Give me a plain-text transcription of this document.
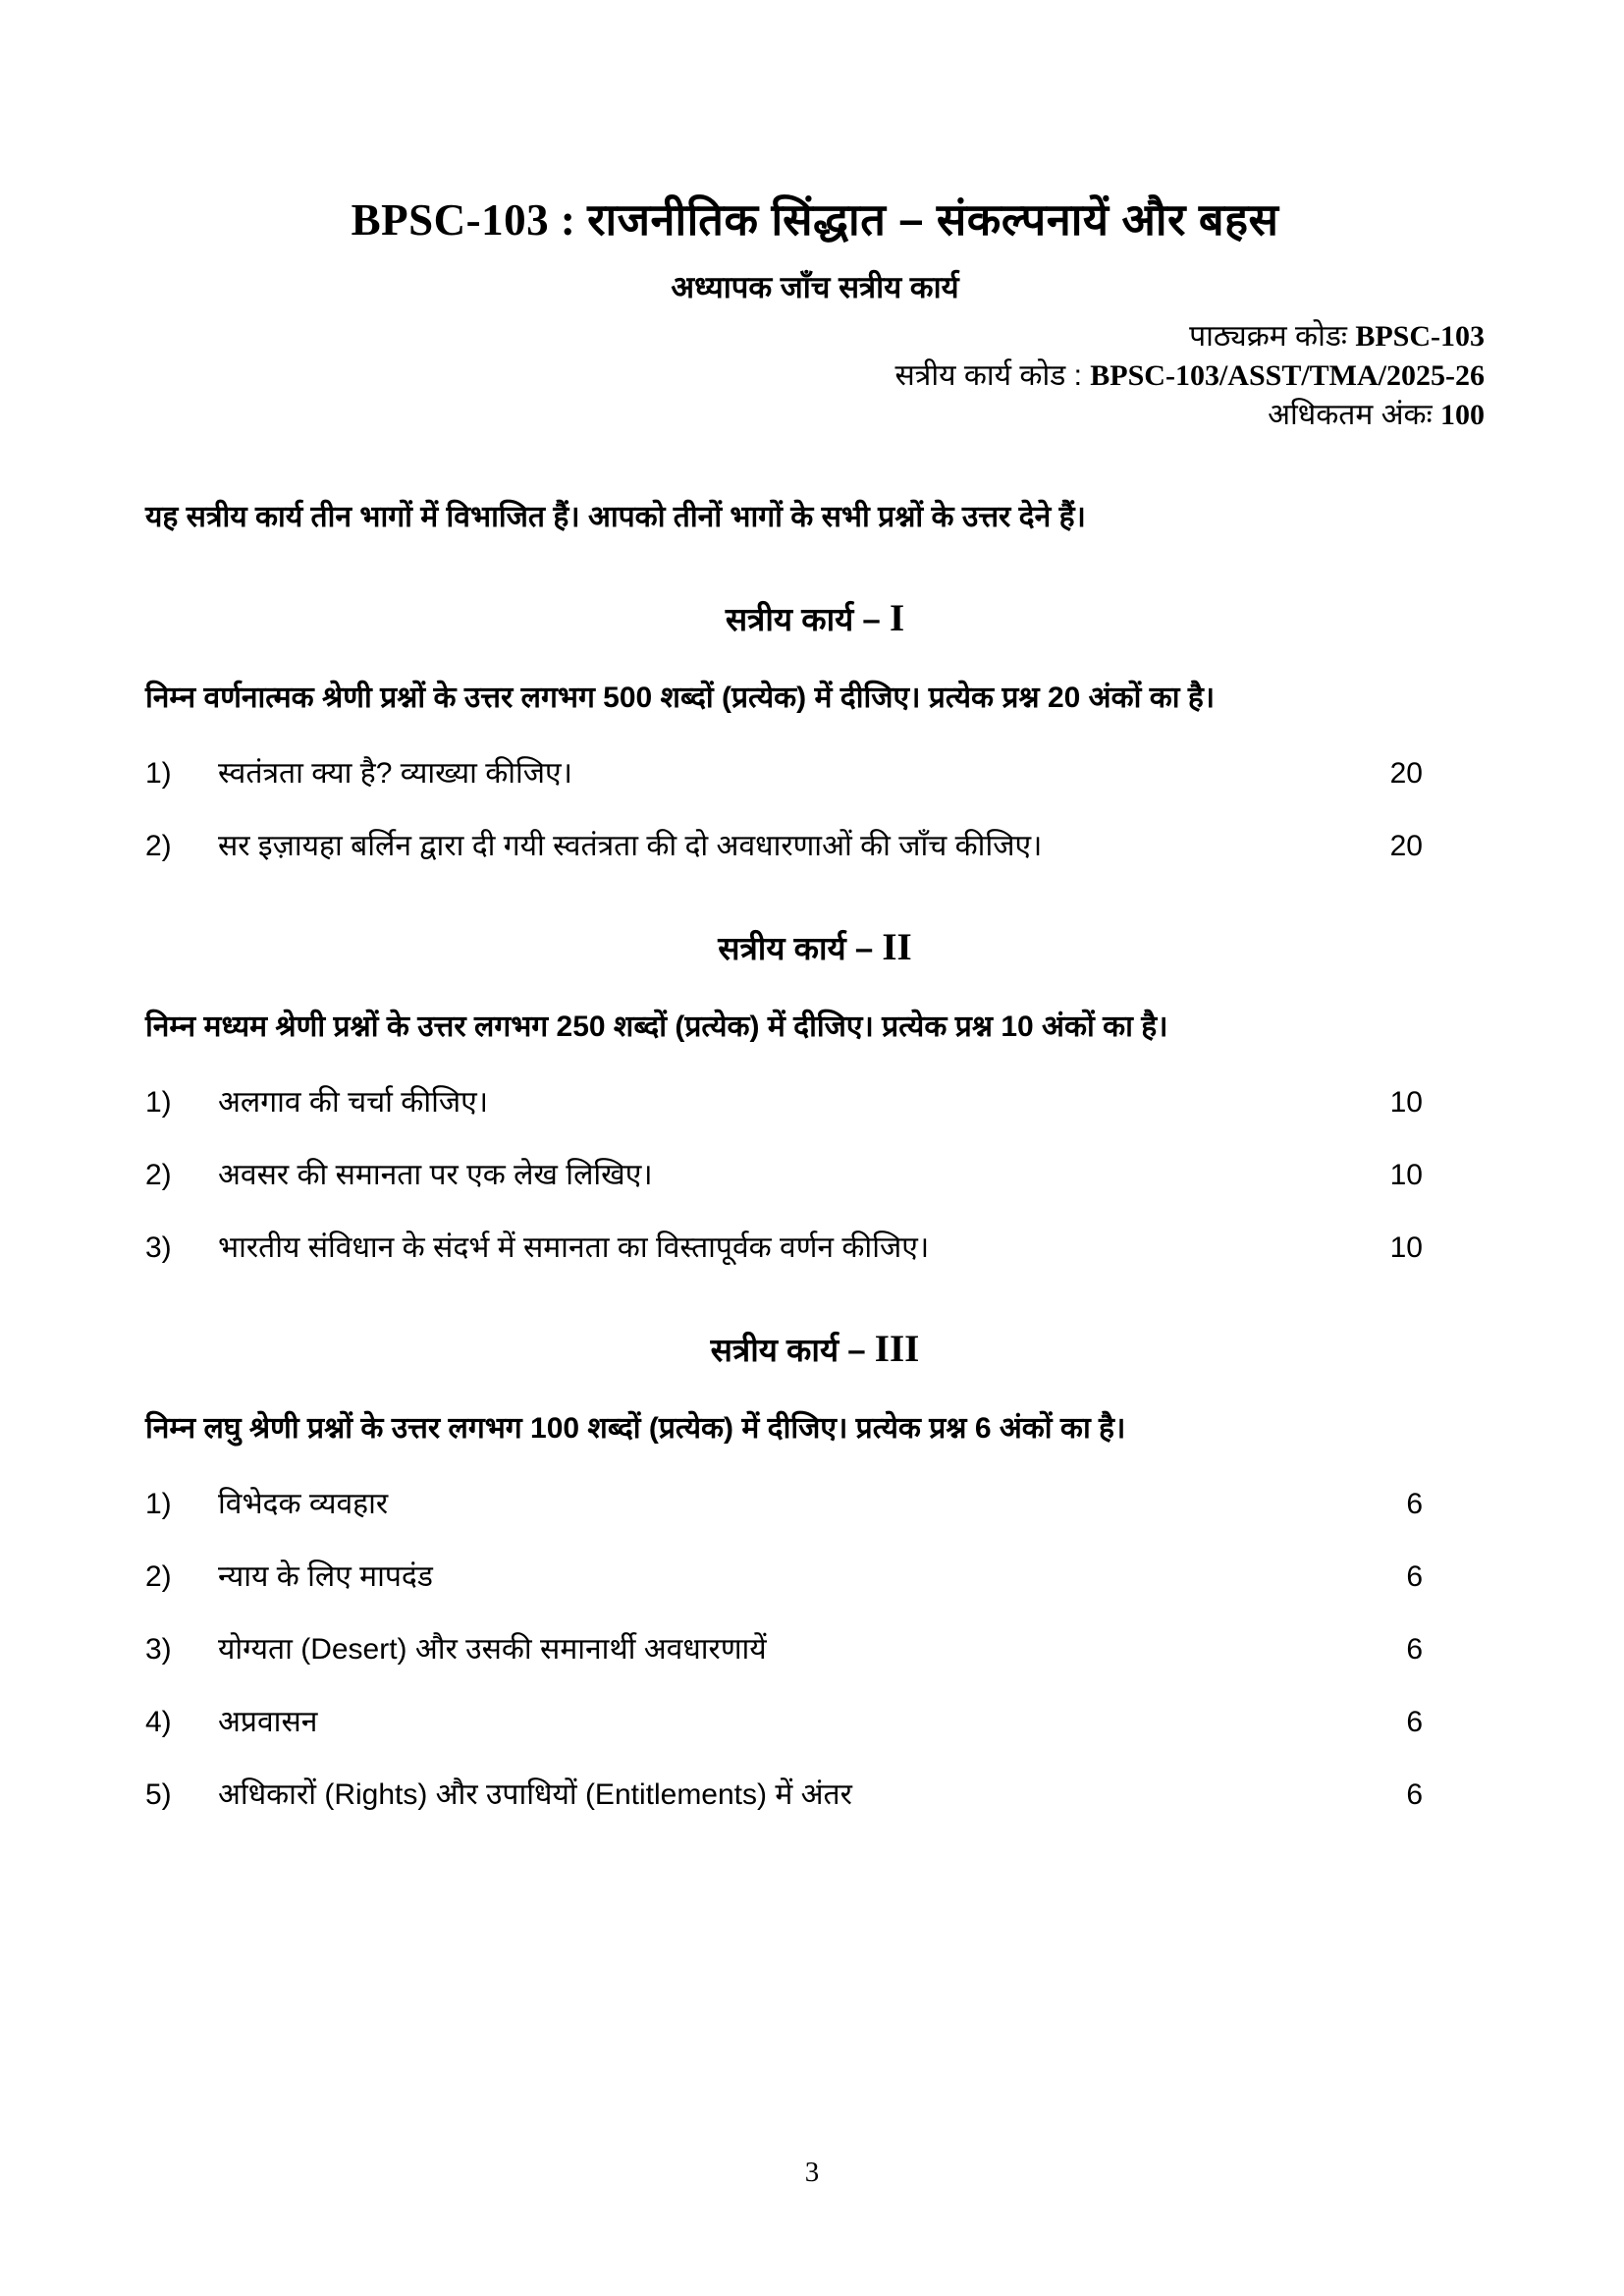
BPSC-103 : राजनीतिक सिंद्धात – संकल्पनायें और बहस
अध्यापक जाँच सत्रीय कार्य
पाठ्यक्रम कोडः BPSC-103
सत्रीय कार्य कोड : BPSC-103/ASST/TMA/2025-26
अधिकतम अंकः 100

यह सत्रीय कार्य तीन भागों में विभाजित हैं। आपको तीनों भागों के सभी प्रश्नों के उत्तर देने हैं।

सत्रीय कार्य – I

निम्न वर्णनात्मक श्रेणी प्रश्नों के उत्तर लगभग 500 शब्दों (प्रत्येक) में दीजिए। प्रत्येक प्रश्न 20 अंकों का है।

1)	स्वतंत्रता क्या है? व्याख्या कीजिए।	20
2)	सर इज़ायहा बर्लिन द्वारा दी गयी स्वतंत्रता की दो अवधारणाओं की जाँच कीजिए।	20
सत्रीय कार्य – II

निम्न मध्यम श्रेणी प्रश्नों के उत्तर लगभग 250 शब्दों (प्रत्येक) में दीजिए। प्रत्येक प्रश्न 10 अंकों का है।

1)	अलगाव की चर्चा कीजिए।	10
2)	अवसर की समानता पर एक लेख लिखिए।	10
3)	भारतीय संविधान के संदर्भ में समानता का विस्तापूर्वक वर्णन कीजिए।	10
सत्रीय कार्य – III

निम्न लघु श्रेणी प्रश्नों के उत्तर लगभग 100 शब्दों (प्रत्येक) में दीजिए। प्रत्येक प्रश्न 6 अंकों का है।

1)	विभेदक व्यवहार	6
2)	न्याय के लिए मापदंड	6
3)	योग्यता (Desert) और उसकी समानार्थी अवधारणायें	6
4)	अप्रवासन	6
5)	अधिकारों (Rights) और उपाधियों (Entitlements) में अंतर	6
3
